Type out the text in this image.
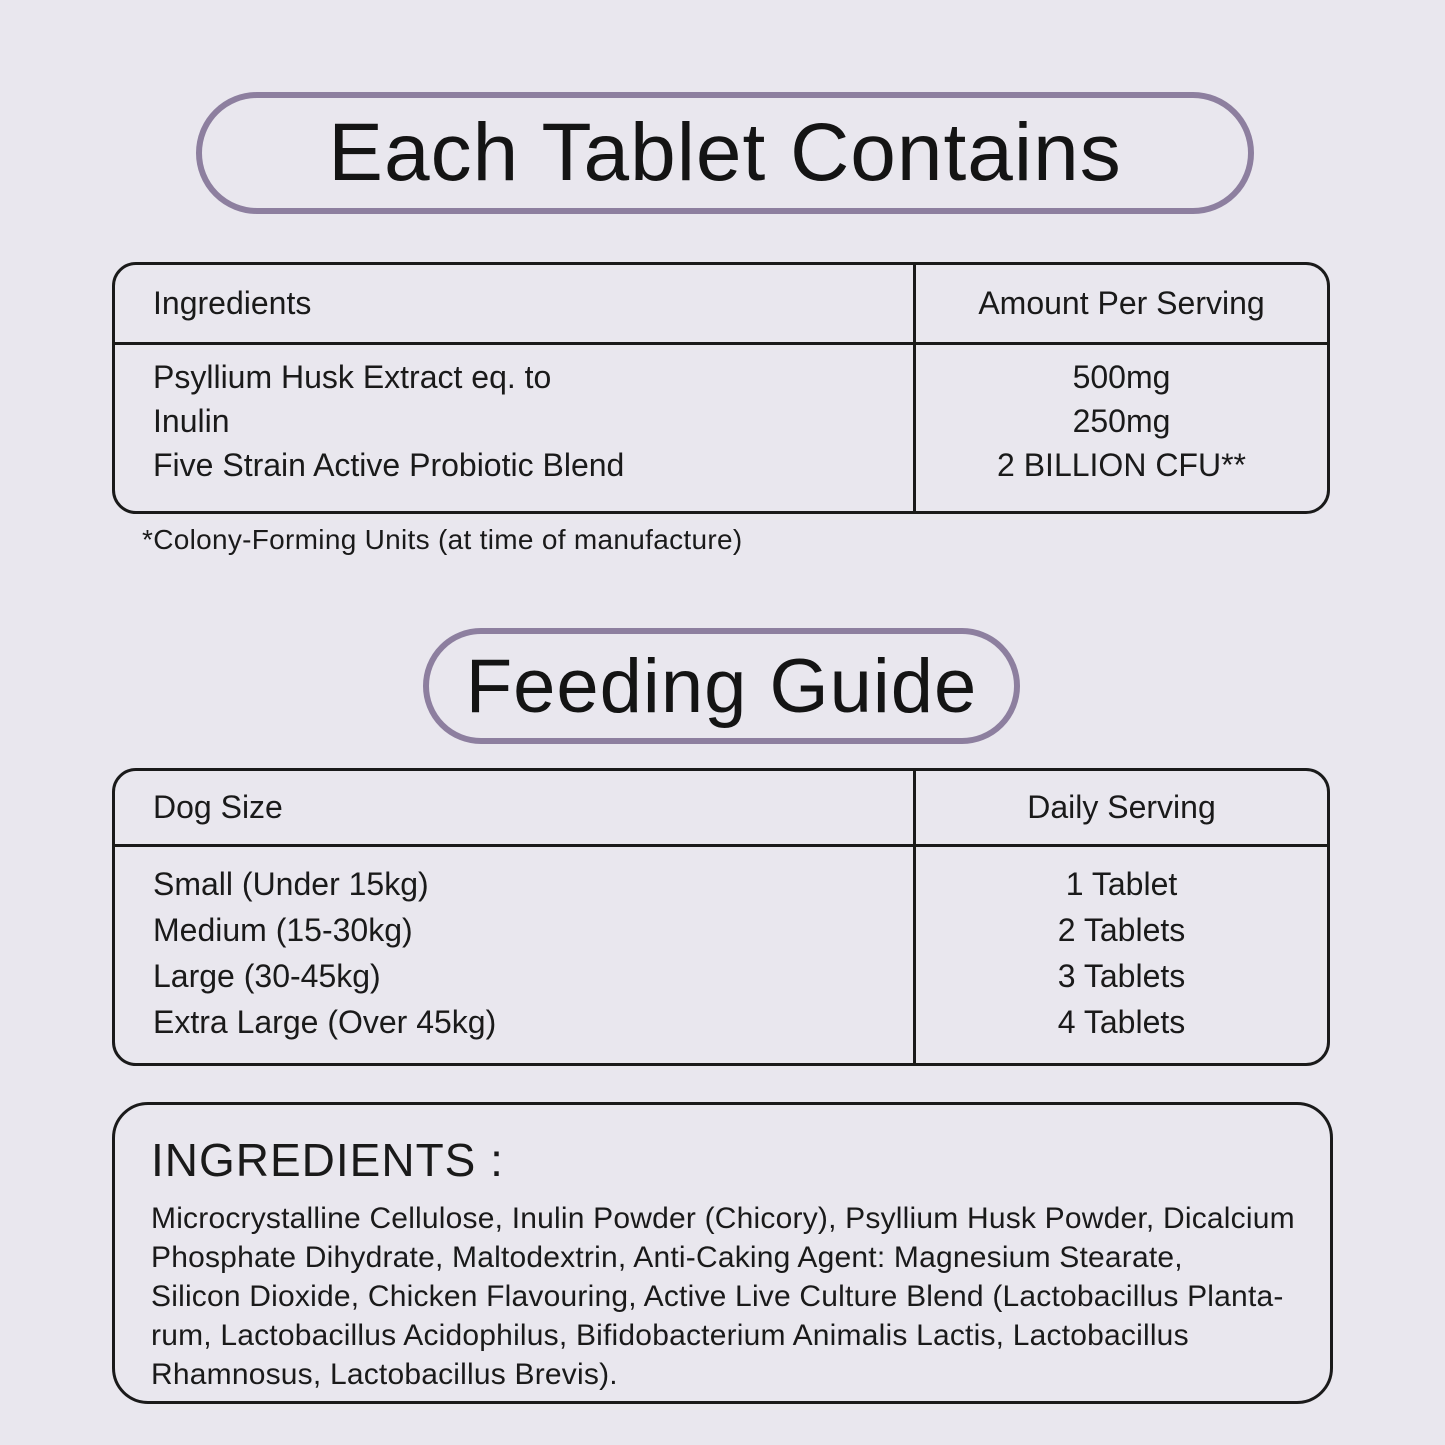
Each Tablet Contains
Ingredients	Amount Per Serving
Psyllium Husk Extract eq. to
Inulin
Five Strain Active Probiotic Blend
500mg
250mg
2 BILLION CFU**
*Colony-Forming Units (at time of manufacture)
Feeding Guide
Dog Size	Daily Serving
Small (Under 15kg)
Medium (15-30kg)
Large (30-45kg)
Extra Large (Over 45kg)
1 Tablet
2 Tablets
3 Tablets
4 Tablets
INGREDIENTS :
Microcrystalline Cellulose, Inulin Powder (Chicory), Psyllium Husk Powder, Dicalcium
Phosphate Dihydrate, Maltodextrin, Anti-Caking Agent: Magnesium Stearate,
Silicon Dioxide, Chicken Flavouring, Active Live Culture Blend (Lactobacillus Planta-
rum, Lactobacillus Acidophilus, Bifidobacterium Animalis Lactis, Lactobacillus
Rhamnosus, Lactobacillus Brevis).
